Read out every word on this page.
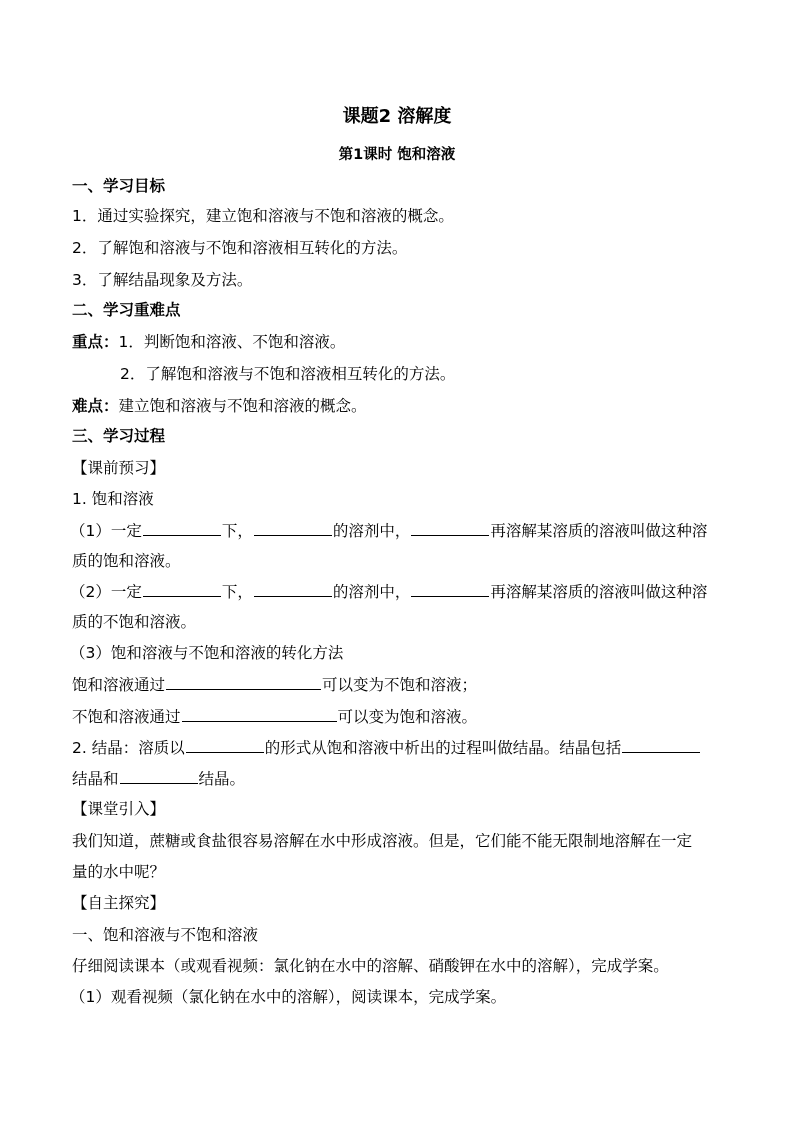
课题2 溶解度
第1课时 饱和溶液
一、学习目标
1．通过实验探究，建立饱和溶液与不饱和溶液的概念。
2．了解饱和溶液与不饱和溶液相互转化的方法。
3．了解结晶现象及方法。
二、学习重难点
重点：1．判断饱和溶液、不饱和溶液。
2．了解饱和溶液与不饱和溶液相互转化的方法。
难点：建立饱和溶液与不饱和溶液的概念。
三、学习过程
【课前预习】
1. 饱和溶液
（1）一定	下，	的溶剂中，	再溶解某溶质的溶液叫做这种溶
质的饱和溶液。
（2）一定	下，	的溶剂中，	再溶解某溶质的溶液叫做这种溶
质的不饱和溶液。
（3）饱和溶液与不饱和溶液的转化方法
饱和溶液通过	可以变为不饱和溶液；
不饱和溶液通过	可以变为饱和溶液。
2. 结晶：溶质以	的形式从饱和溶液中析出的过程叫做结晶。结晶包括
结晶和	结晶。
【课堂引入】
我们知道，蔗糖或食盐很容易溶解在水中形成溶液。但是，它们能不能无限制地溶解在一定
量的水中呢？
【自主探究】
一、饱和溶液与不饱和溶液
仔细阅读课本（或观看视频：氯化钠在水中的溶解、硝酸钾在水中的溶解），完成学案。
（1）观看视频（氯化钠在水中的溶解），阅读课本，完成学案。
